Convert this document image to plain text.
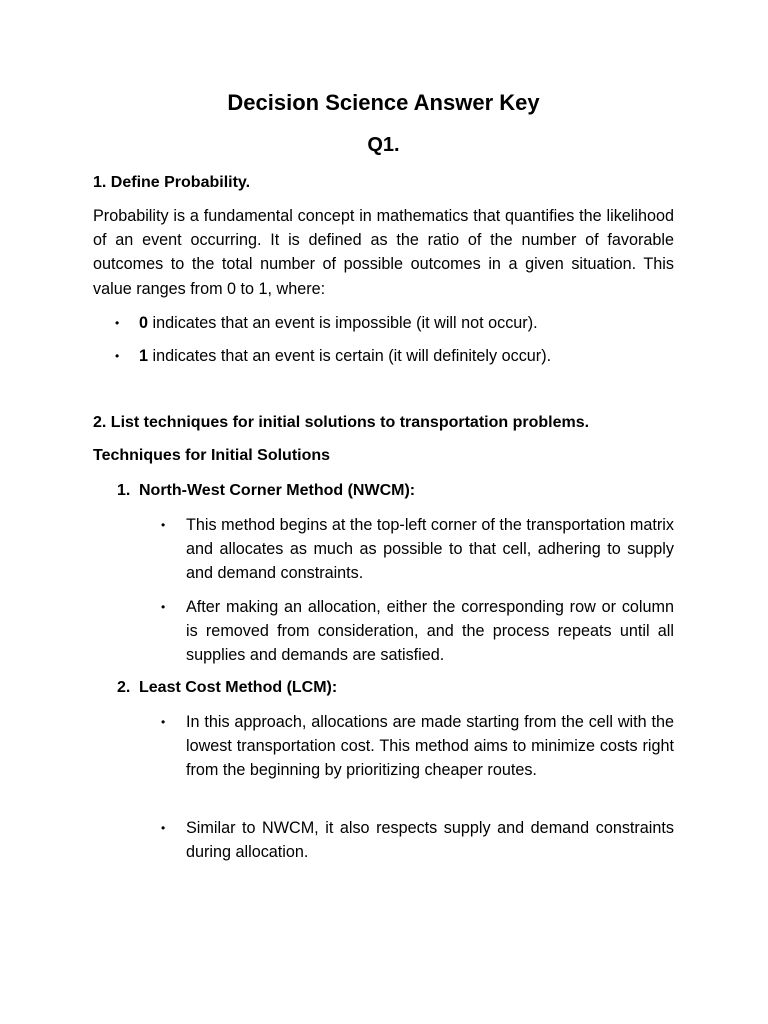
Decision Science Answer Key
Q1.
1. Define Probability.
Probability is a fundamental concept in mathematics that quantifies the likelihood of an event occurring. It is defined as the ratio of the number of favorable outcomes to the total number of possible outcomes in a given situation. This value ranges from 0 to 1, where:
• 0 indicates that an event is impossible (it will not occur).
• 1 indicates that an event is certain (it will definitely occur).
2. List techniques for initial solutions to transportation problems.
Techniques for Initial Solutions
1. North-West Corner Method (NWCM):
• This method begins at the top-left corner of the transportation matrix and allocates as much as possible to that cell, adhering to supply and demand constraints.
• After making an allocation, either the corresponding row or column is removed from consideration, and the process repeats until all supplies and demands are satisfied.
2. Least Cost Method (LCM):
• In this approach, allocations are made starting from the cell with the lowest transportation cost. This method aims to minimize costs right from the beginning by prioritizing cheaper routes.
• Similar to NWCM, it also respects supply and demand constraints during allocation.
